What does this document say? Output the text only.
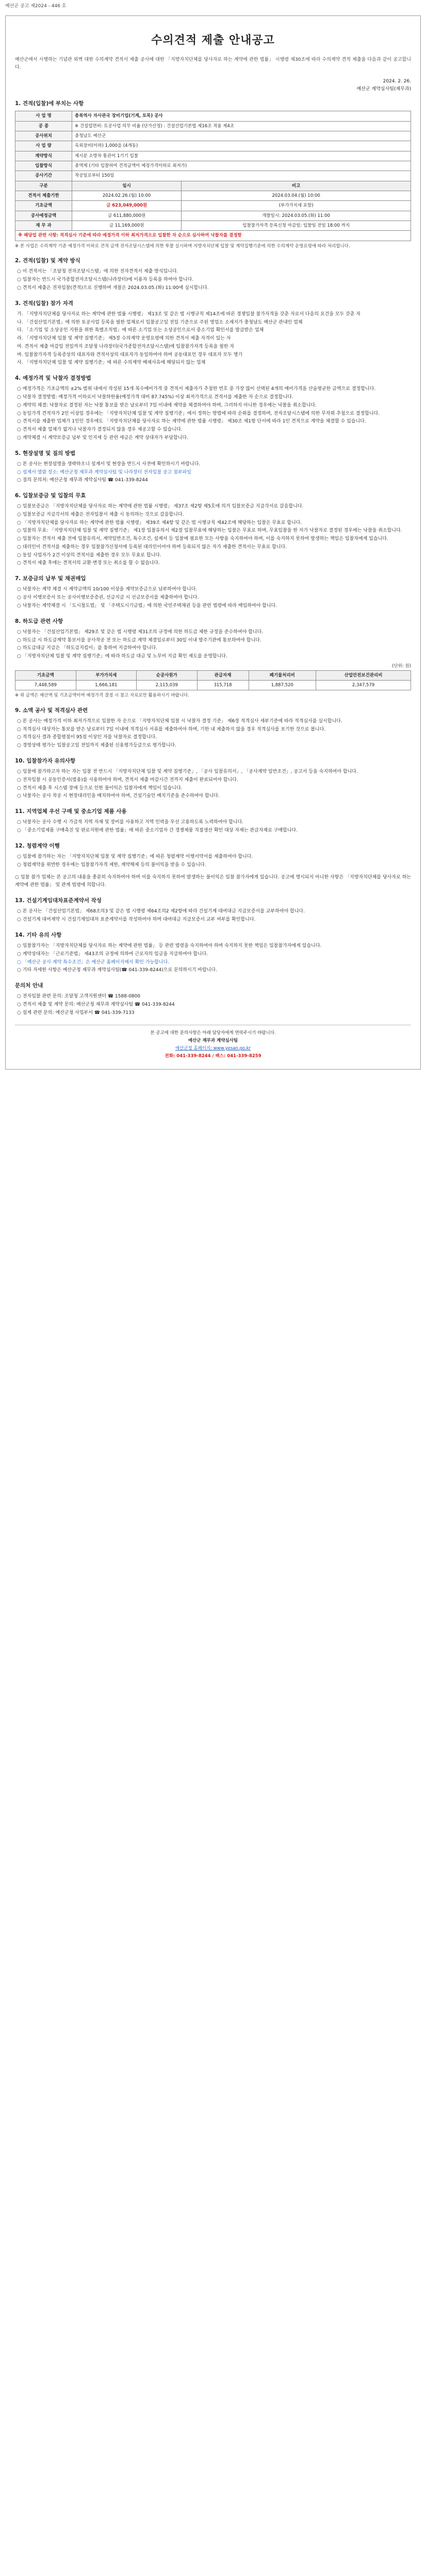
예산군 공고 제2024 - 446 호
수의견적 제출 안내공고
예산군에서 시행하는 기념관 외벽 대한 수의계약 견적서 제출 공사에 대한 「지방자치단체를 당사자로 하는 계약에 관한 법률」 시행령 제30조에 따라 수의계약 견적 제출을 다음과 같이 공고합니다.
2024. 2. 26.
예산군 계약심사팀(재무과)
1. 견적(입찰)에 부치는 사항
사 업 명	충북역사 자사관국 장비기업(기계, 토목) 공사	
공 종	※ 건설업면허: 토공사업 의무 비율 (단가산정) : 건설산업기본법 제16조 적용 제4조	
공사위치	충청남도 예산군	
사 업 량	옥외장비(이하) 1,000을 (4개동)	
계약방식	제시분 소방차 통관이 1기기 입찰	
입찰방식	총액제 (기타 입찰하여 견적금액이 예정가격이하로 최저가)	
공사기간	착공일로부터 150일	
구분	일시	비고
견적서 제출기한	2024.02.26.(월) 10:00	2024.03.04.(월) 10:00
기초금액	금 623,049,000원	(부가가치세 포함)
공사예정금액	금 611,880,000원	개찰일시: 2024.03.05.(화) 11:00
재 무 과	금 11,169,000원	입찰참가자격 등록신청 마감일: 입찰일 전일 18:00 까지
※ 해당업 관련 사항: 적격심사 기준에 따라 예정가격 이하 최저가격으로 입찰한 자 순으로 심사하여 낙찰자를 결정함		
※ 본 사업은 수의계약 기준 예정가격 이하로 견적 금액 전자조달시스템에 의한 투찰 실시하며 지방자치단체 입찰 및 계약집행기준에 의한 수의계약 운영요령에 따라 처리합니다.
2. 견적(입찰) 및 계약 방식
○ 이 견적서는 「조달청 전자조달시스템」에 의한 전자견적서 제출 방식입니다.
○ 입찰자는 반드시 국가종합전자조달시스템(나라장터)에 이용자 등록을 하여야 합니다.
○ 견적서 제출은 전자입찰(견적)으로 진행하며 개찰은 2024.03.05.(화) 11:00에 실시합니다.
3. 견적(입찰) 참가 자격
가. 「지방자치단체를 당사자로 하는 계약에 관한 법률 시행령」 제13조 및 같은 법 시행규칙 제14조에 따른 경쟁입찰 참가자격을 갖춘 자로서 다음의 요건을 모두 갖춘 자
나. 「건설산업기본법」에 의한 토공사업 등록을 필한 업체로서 입찰공고일 전일 기준으로 주된 영업소 소재지가 충청남도 예산군 관내인 업체
다. 「소기업 및 소상공인 지원을 위한 특별조치법」에 따른 소기업 또는 소상공인으로서 중소기업 확인서를 발급받은 업체
라. 「지방자치단체 입찰 및 계약 집행기준」 제5장 수의계약 운영요령에 의한 견적서 제출 자격이 있는 자
마. 견적서 제출 마감일 전일까지 조달청 나라장터(국가종합전자조달시스템)에 입찰참가자격 등록을 필한 자
바. 입찰참가자격 등록증상의 대표자와 견적서상의 대표자가 동일하여야 하며 공동대표인 경우 대표자 모두 명기
사. 「지방자치단체 입찰 및 계약 집행기준」에 따른 수의계약 배제사유에 해당되지 않는 업체
4. 예정가격 및 낙찰자 결정방법
○ 예정가격은 기초금액의 ±2% 범위 내에서 작성된 15개 복수예비가격 중 견적서 제출자가 추첨한 번호 중 가장 많이 선택된 4개의 예비가격을 산술평균한 금액으로 결정합니다.
○ 낙찰자 결정방법: 예정가격 이하로서 낙찰하한율(예정가격 대비 87.745%) 이상 최저가격으로 견적서를 제출한 자 순으로 결정합니다.
○ 계약의 체결: 낙찰자로 결정된 자는 낙찰 통보를 받은 날로부터 7일 이내에 계약을 체결하여야 하며, 그러하지 아니한 경우에는 낙찰을 취소합니다.
○ 동일가격 견적자가 2인 이상일 경우에는 「지방자치단체 입찰 및 계약 집행기준」에서 정하는 방법에 따라 순위를 결정하며, 전자조달시스템에 의한 무작위 추첨으로 결정합니다.
○ 견적서를 제출한 업체가 1인인 경우에도 「지방자치단체를 당사자로 하는 계약에 관한 법률 시행령」 제30조 제1항 단서에 따라 1인 견적으로 계약을 체결할 수 있습니다.
○ 견적서 제출 업체가 없거나 낙찰자가 결정되지 않을 경우 재공고할 수 있습니다.
○ 계약체결 시 계약보증금 납부 및 인지세 등 관련 세금은 계약 상대자가 부담합니다.
5. 현장설명 및 질의 방법
○ 본 공사는 현장설명을 생략하오니 설계서 및 현장을 반드시 사전에 확인하시기 바랍니다.
○ 설계서 열람 장소: 예산군청 재무과 계약심사팀 및 나라장터 전자입찰 공고 첨부파일
○ 질의 문의처: 예산군청 재무과 계약심사팀 ☎ 041-339-8244
6. 입찰보증금 및 입찰의 무효
○ 입찰보증금은 「지방자치단체를 당사자로 하는 계약에 관한 법률 시행령」 제37조 제2항 제5호에 의거 입찰보증금 지급각서로 갈음합니다.
○ 입찰보증금 지급각서의 제출은 전자입찰서 제출 시 동의하는 것으로 갈음합니다.
○ 「지방자치단체를 당사자로 하는 계약에 관한 법률 시행령」 제39조 제4항 및 같은 법 시행규칙 제42조에 해당하는 입찰은 무효로 합니다.
○ 입찰의 무효: 「지방자치단체 입찰 및 계약 집행기준」 제1장 입찰유의서 제2절 입찰무효에 해당하는 입찰은 무효로 하며, 무효입찰을 한 자가 낙찰자로 결정된 경우에는 낙찰을 취소합니다.
○ 입찰자는 견적서 제출 전에 입찰유의서, 계약일반조건, 특수조건, 설계서 등 입찰에 필요한 모든 사항을 숙지하여야 하며, 이를 숙지하지 못하여 발생하는 책임은 입찰자에게 있습니다.
○ 대리인이 견적서를 제출하는 경우 입찰참가신청서에 등록된 대리인이어야 하며 등록되지 않은 자가 제출한 견적서는 무효로 합니다.
○ 동일 사업자가 2건 이상의 견적서를 제출한 경우 모두 무효로 합니다.
○ 견적서 제출 후에는 견적서의 교환·변경 또는 취소를 할 수 없습니다.
7. 보증금의 납부 및 채권매입
○ 낙찰자는 계약 체결 시 계약금액의 10/100 이상을 계약보증금으로 납부하여야 합니다.
○ 공사 이행보증서 또는 공사이행보증증권, 선금지급 시 선금보증서를 제출하여야 합니다.
○ 낙찰자는 계약체결 시 「도시철도법」 및 「주택도시기금법」에 의한 국민주택채권 등을 관련 법령에 따라 매입하여야 합니다.
8. 하도급 관련 사항
○ 낙찰자는 「건설산업기본법」 제29조 및 같은 법 시행령 제31조의 규정에 의한 하도급 제한 규정을 준수하여야 합니다.
○ 하도급 시 하도급계약 통보서를 공사착공 전 또는 하도급 계약 체결일로부터 30일 이내 발주기관에 통보하여야 합니다.
○ 하도급대금 지급은 「하도급지킴이」를 통하여 지급하여야 합니다.
○ 「지방자치단체 입찰 및 계약 집행기준」에 따라 하도급 대금 및 노무비 지급 확인 제도를 운영합니다.
(단위: 원)
기초금액	부가가치세	순공사원가	관급자재	폐기물처리비	산업안전보건관리비
7,448,589	1,666,181	2,115,039	315,718	1,887,520	2,347,579
※ 위 금액은 예산액 및 기초금액이며 예정가격 결정 시 참고 자료로만 활용하시기 바랍니다.
9. 소액 공사 및 적격심사 관련
○ 본 공사는 예정가격 이하 최저가격으로 입찰한 자 순으로 「지방자치단체 입찰 시 낙찰자 결정 기준」 제6장 적격심사 세부기준에 따라 적격심사를 실시합니다.
○ 적격심사 대상자는 통보를 받은 날로부터 7일 이내에 적격심사 서류를 제출하여야 하며, 기한 내 제출하지 않을 경우 적격심사를 포기한 것으로 봅니다.
○ 적격심사 결과 종합평점이 95점 이상인 자를 낙찰자로 결정합니다.
○ 경영상태 평가는 입찰공고일 전일까지 제출된 신용평가등급으로 평가합니다.
10. 입찰참가자 유의사항
○ 입찰에 참가하고자 하는 자는 입찰 전 반드시 「지방자치단체 입찰 및 계약 집행기준」, 「공사 입찰유의서」, 「공사계약 일반조건」, 공고서 등을 숙지하여야 합니다.
○ 전자입찰 시 공동인증서(범용)를 사용하여야 하며, 견적서 제출 마감시간 전까지 제출이 완료되어야 합니다.
○ 견적서 제출 후 시스템 장애 등으로 인한 불이익은 입찰자에게 책임이 있습니다.
○ 낙찰자는 공사 착공 시 현장대리인을 배치하여야 하며, 건설기술인 배치기준을 준수하여야 합니다.
11. 지역업체 우선 구매 및 중소기업 제품 사용
○ 낙찰자는 공사 수행 시 가급적 지역 자재 및 장비를 사용하고 지역 인력을 우선 고용하도록 노력하여야 합니다.
○ 「중소기업제품 구매촉진 및 판로지원에 관한 법률」에 따른 중소기업자 간 경쟁제품 직접생산 확인 대상 자재는 관급자재로 구매합니다.
12. 청렴계약 이행
○ 입찰에 참가하는 자는 「지방자치단체 입찰 및 계약 집행기준」에 따른 청렴계약 이행서약서를 제출하여야 합니다.
○ 청렴계약을 위반한 경우에는 입찰참가자격 제한, 계약해제 등의 불이익을 받을 수 있습니다.
○ 입찰 참가 업체는 본 공고의 내용을 충분히 숙지하여야 하며 이를 숙지하지 못하여 발생하는 불이익은 입찰 참가자에게 있습니다. 공고에 명시되지 아니한 사항은 「지방자치단체를 당사자로 하는 계약에 관한 법률」 및 관계 법령에 의합니다.
13. 건설기계임대차표준계약서 작성
○ 본 공사는 「건설산업기본법」 제68조의3 및 같은 법 시행령 제64조의2 제2항에 따라 건설기계 대여대금 지급보증서를 교부하여야 합니다.
○ 건설기계 대여계약 시 건설기계임대차 표준계약서를 작성하여야 하며 대여대금 지급보증서 교부 여부를 확인합니다.
14. 기타 유의 사항
○ 입찰참가자는 「지방자치단체를 당사자로 하는 계약에 관한 법률」 등 관련 법령을 숙지하여야 하며 숙지하지 못한 책임은 입찰참가자에게 있습니다.
○ 계약상대자는 「근로기준법」 제43조의 규정에 의하여 근로자의 임금을 지급하여야 합니다.
○ 「예산군 공사 계약 특수조건」은 예산군 홈페이지에서 확인 가능합니다.
○ 기타 자세한 사항은 예산군청 재무과 계약심사팀(☎ 041-339-8244)으로 문의하시기 바랍니다.
문의처 안내
○ 전자입찰 관련 문의: 조달청 고객지원센터 ☎ 1588-0800
○ 견적서 제출 및 계약 문의: 예산군청 재무과 계약심사팀 ☎ 041-339-8244
○ 설계 관련 문의: 예산군청 사업부서 ☎ 041-339-7133
본 공고에 대한 문의사항은 아래 담당자에게 연락주시기 바랍니다.
예산군 재무과 계약심사팀
예산군청 홈페이지: www.yesan.go.kr
전화: 041-339-8244 / 팩스: 041-339-8259
